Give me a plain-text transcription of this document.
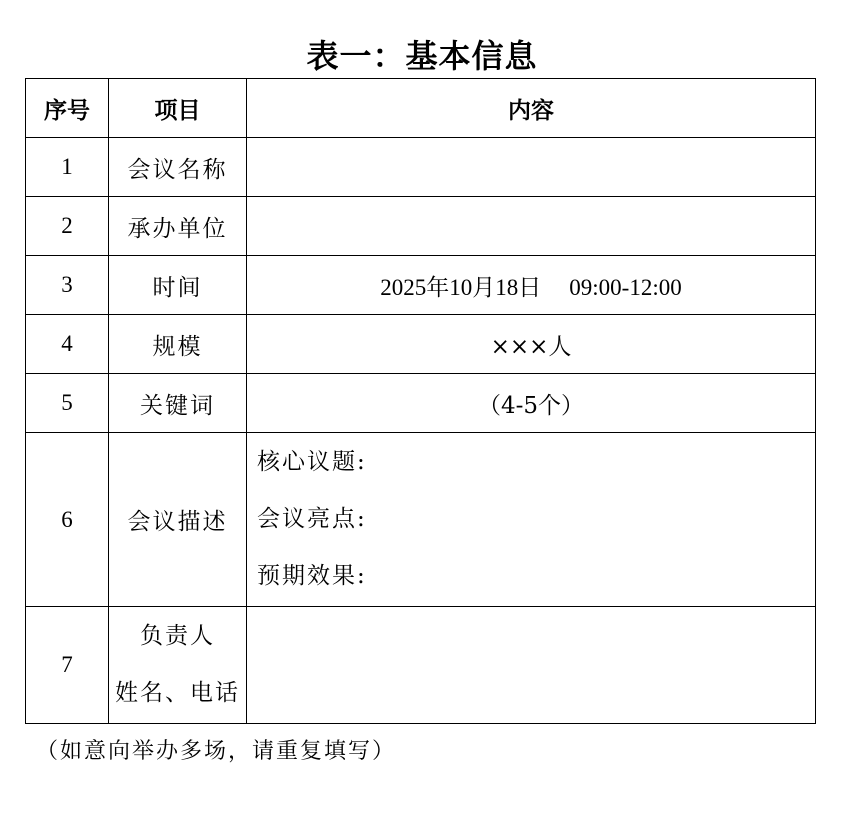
表一：基本信息
序号	项目	内容
1	会议名称	
2	承办单位	
3	时间	2025年10月18日 09:00-12:00
4	规模	×××人
5	关键词	（4-5个）
6	会议描述	核心议题:
会议亮点:
预期效果:

7	负责人
姓名、电话	

（如意向举办多场，请重复填写）
